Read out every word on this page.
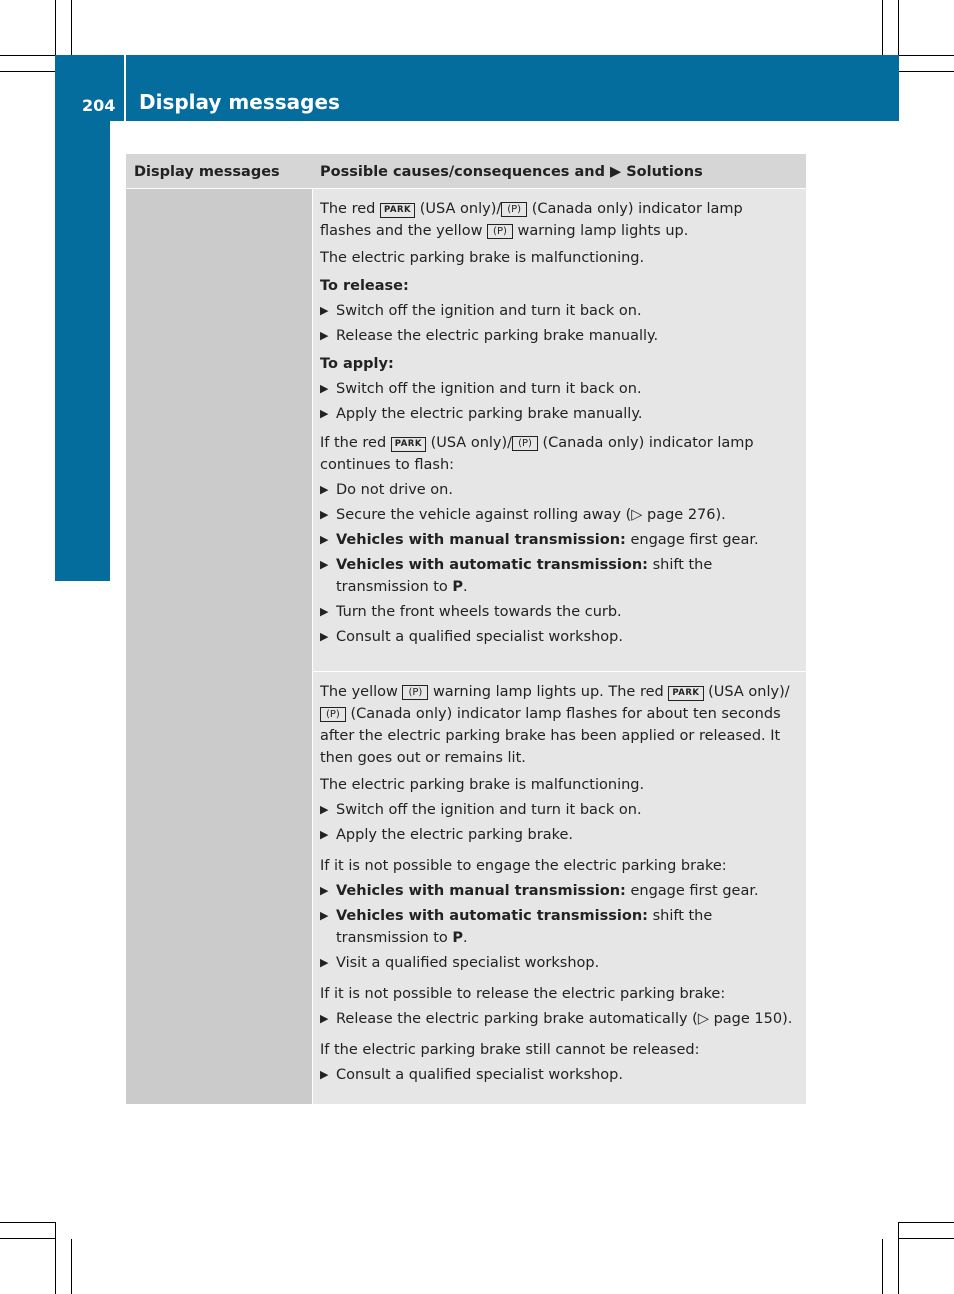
204 Display messages
On-board computer and displays	Display messages	Possible causes/consequences and ▶ Solutions

The red PARK (USA only)/ (P) (Canada only) indicator lamp flashes and the yellow (P) warning lamp lights up.

The electric parking brake is malfunctioning.

To release:

▶ Switch off the ignition and turn it back on.

▶ Release the electric parking brake manually.

To apply:

▶ Switch off the ignition and turn it back on.

▶ Apply the electric parking brake manually.

If the red PARK (USA only)/ (P) (Canada only) indicator lamp continues to flash:

▶ Do not drive on.

▶ Secure the vehicle against rolling away (▷ page 276).

▶ Vehicles with manual transmission: engage first gear.

▶ Vehicles with automatic transmission: shift the transmission to P.

▶ Turn the front wheels towards the curb.

▶ Consult a qualified specialist workshop.

The yellow (P) warning lamp lights up. The red PARK (USA only)/(P) (Canada only) indicator lamp flashes for about ten seconds after the electric parking brake has been applied or released. It then goes out or remains lit.

The electric parking brake is malfunctioning.

▶ Switch off the ignition and turn it back on.

▶ Apply the electric parking brake.

If it is not possible to engage the electric parking brake:

▶ Vehicles with manual transmission: engage first gear.

▶ Vehicles with automatic transmission: shift the transmission to P.

▶ Visit a qualified specialist workshop.

If it is not possible to release the electric parking brake:

▶ Release the electric parking brake automatically (▷ page 150).

If the electric parking brake still cannot be released:

▶ Consult a qualified specialist workshop.
